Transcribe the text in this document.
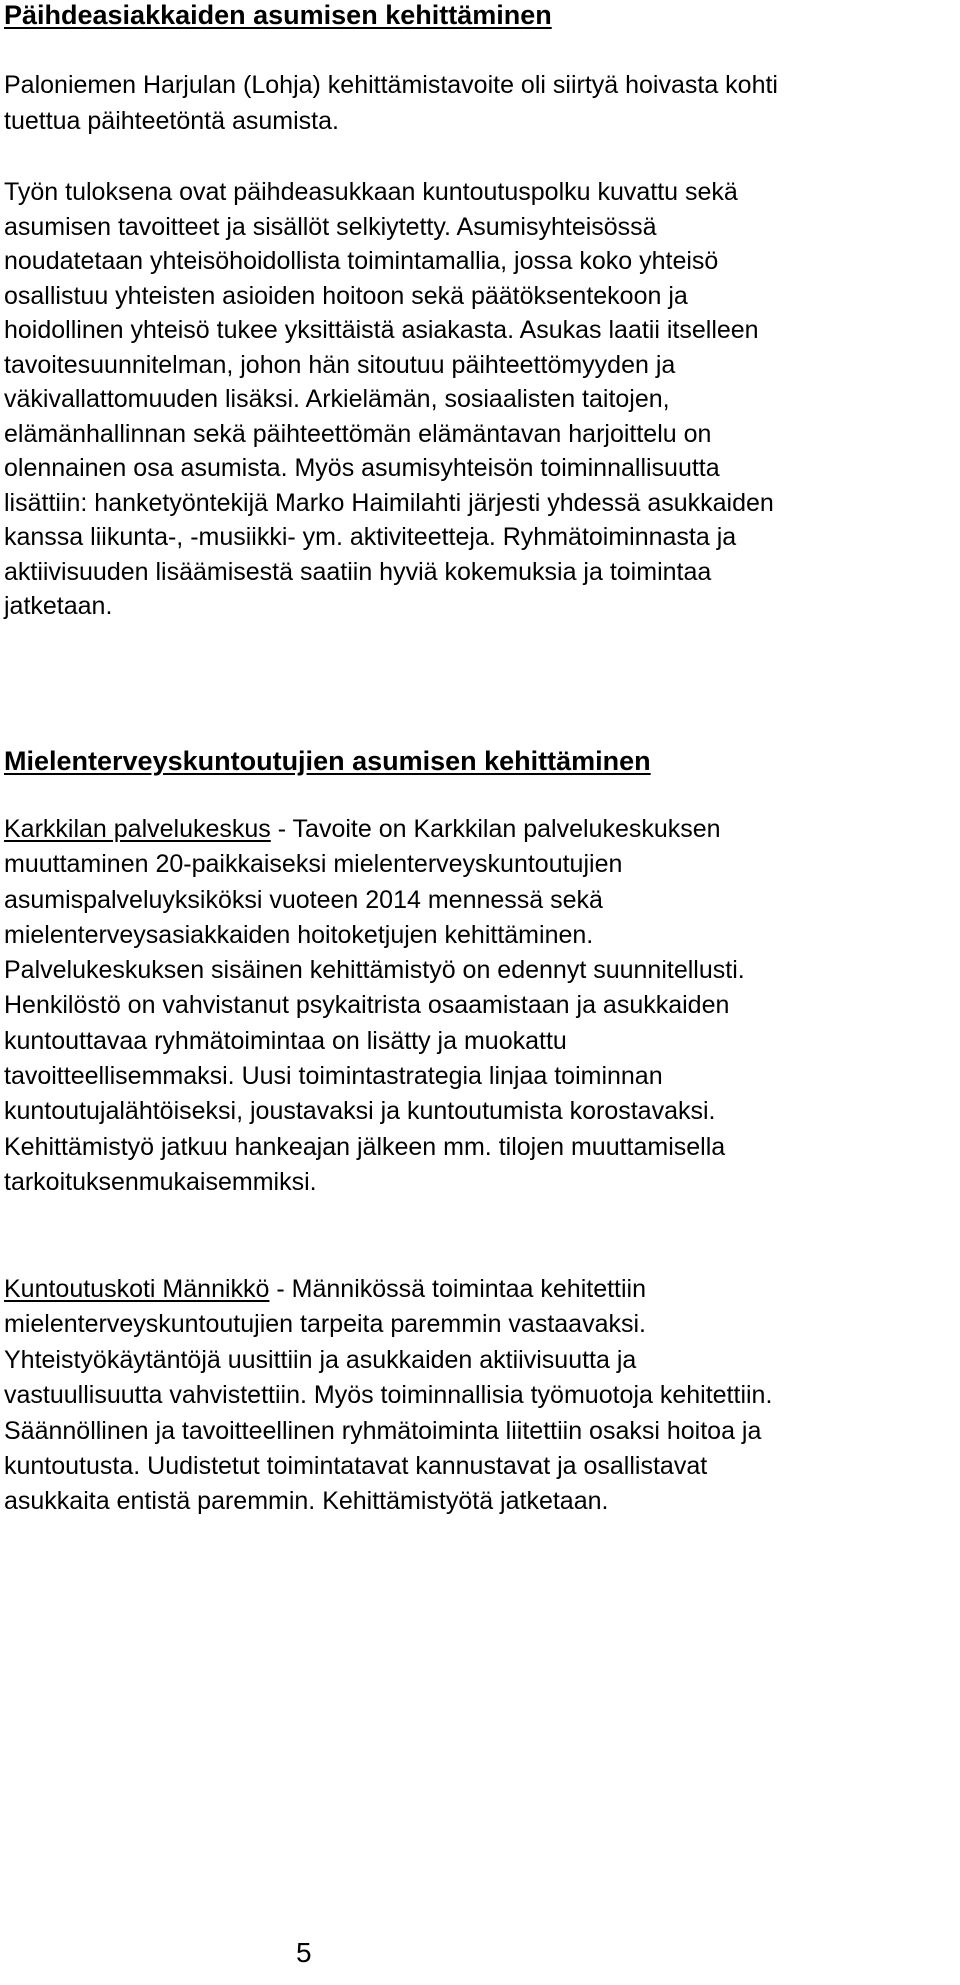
Päihdeasiakkaiden asumisen kehittäminen

Paloniemen Harjulan (Lohja) kehittämistavoite oli siirtyä hoivasta kohti
tuettua päihteetöntä asumista.

Työn tuloksena ovat päihdeasukkaan kuntoutuspolku kuvattu sekä
asumisen tavoitteet ja sisällöt selkiytetty. Asumisyhteisössä
noudatetaan yhteisöhoidollista toimintamallia, jossa koko yhteisö
osallistuu yhteisten asioiden hoitoon sekä päätöksentekoon ja
hoidollinen yhteisö tukee yksittäistä asiakasta. Asukas laatii itselleen
tavoitesuunnitelman, johon hän sitoutuu päihteettömyyden ja
väkivallattomuuden lisäksi. Arkielämän, sosiaalisten taitojen,
elämänhallinnan sekä päihteettömän elämäntavan harjoittelu on
olennainen osa asumista. Myös asumisyhteisön toiminnallisuutta
lisättiin: hanketyöntekijä Marko Haimilahti järjesti yhdessä asukkaiden
kanssa liikunta-, -musiikki- ym. aktiviteetteja. Ryhmätoiminnasta ja
aktiivisuuden lisäämisestä saatiin hyviä kokemuksia ja toimintaa
jatketaan.

Mielenterveyskuntoutujien asumisen kehittäminen

Karkkilan palvelukeskus - Tavoite on Karkkilan palvelukeskuksen
muuttaminen 20-paikkaiseksi mielenterveyskuntoutujien
asumispalveluyksiköksi vuoteen 2014 mennessä sekä
mielenterveysasiakkaiden hoitoketjujen kehittäminen.
Palvelukeskuksen sisäinen kehittämistyö on edennyt suunnitellusti.
Henkilöstö on vahvistanut psykaitrista osaamistaan ja asukkaiden
kuntouttavaa ryhmätoimintaa on lisätty ja muokattu
tavoitteellisemmaksi. Uusi toimintastrategia linjaa toiminnan
kuntoutujalähtöiseksi, joustavaksi ja kuntoutumista korostavaksi.
Kehittämistyö jatkuu hankeajan jälkeen mm. tilojen muuttamisella
tarkoituksenmukaisemmiksi.

Kuntoutuskoti Männikkö - Männikössä toimintaa kehitettiin
mielenterveyskuntoutujien tarpeita paremmin vastaavaksi.
Yhteistyökäytäntöjä uusittiin ja asukkaiden aktiivisuutta ja
vastuullisuutta vahvistettiin. Myös toiminnallisia työmuotoja kehitettiin.
Säännöllinen ja tavoitteellinen ryhmätoiminta liitettiin osaksi hoitoa ja
kuntoutusta. Uudistetut toimintatavat kannustavat ja osallistavat
asukkaita entistä paremmin. Kehittämistyötä jatketaan.

5
